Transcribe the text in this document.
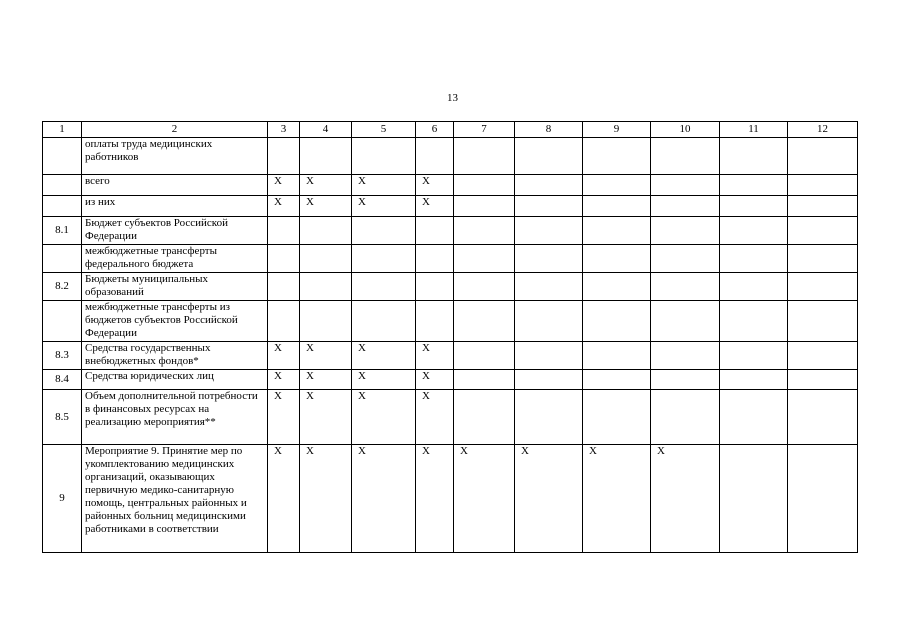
13
1	2	3	4	5	6	7	8	9	10	11	12
	оплаты труда медицинских работников										
	всего	X	X	X	X						
	из них	X	X	X	X						
8.1	Бюджет субъектов Российской Федерации										
	межбюджетные трансферты федерального бюджета										
8.2	Бюджеты муниципальных образований										
	межбюджетные трансферты из бюджетов субъектов Российской Федерации										
8.3	Средства государственных внебюджетных фондов*	X	X	X	X						
8.4	Средства юридических лиц	X	X	X	X						
8.5	Объем дополнительной потребности в финансовых ресурсах на реализацию мероприятия**	X	X	X	X						
9	Мероприятие 9. Принятие мер по укомплектованию медицинских организаций, оказывающих первичную медико-санитарную помощь, центральных районных и районных больниц медицинскими работниками в соответствии	X	X	X	X	X	X	X	X		
